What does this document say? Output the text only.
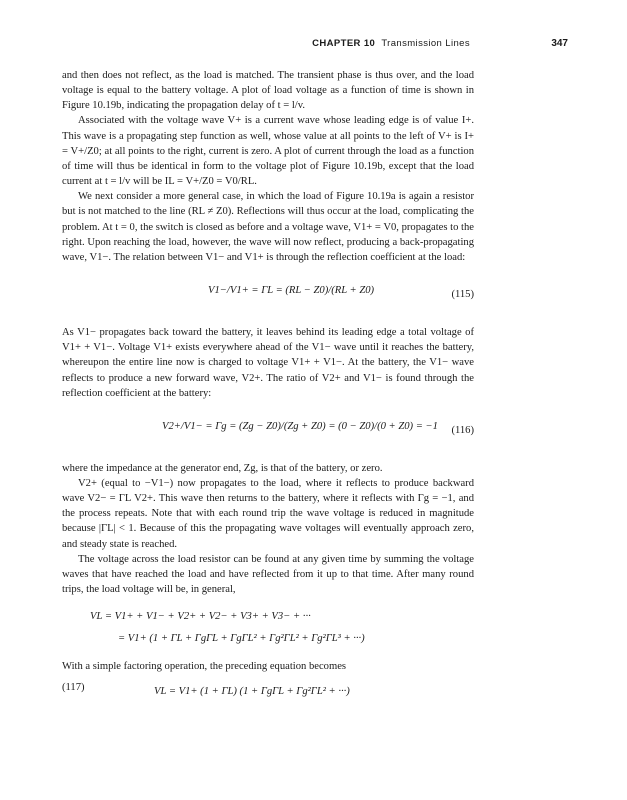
CHAPTER 10 Transmission Lines	347

and then does not reflect, as the load is matched. The transient phase is thus over, and the load voltage is equal to the battery voltage. A plot of load voltage as a function of time is shown in Figure 10.19b, indicating the propagation delay of t = l/v.

Associated with the voltage wave V+ is a current wave whose leading edge is of value I+. This wave is a propagating step function as well, whose value at all points to the left of V+ is I+ = V+/Z0; at all points to the right, current is zero. A plot of current through the load as a function of time will thus be identical in form to the voltage plot of Figure 10.19b, except that the load current at t = l/v will be IL = V+/Z0 = V0/RL.

We next consider a more general case, in which the load of Figure 10.19a is again a resistor but is not matched to the line (RL ≠ Z0). Reflections will thus occur at the load, complicating the problem. At t = 0, the switch is closed as before and a voltage wave, V1+ = V0, propagates to the right. Upon reaching the load, however, the wave will now reflect, producing a back-propagating wave, V1−. The relation between V1− and V1+ is through the reflection coefficient at the load:

V1−/V1+ = ΓL = (RL − Z0)/(RL + Z0)	(115)

As V1− propagates back toward the battery, it leaves behind its leading edge a total voltage of V1+ + V1−. Voltage V1+ exists everywhere ahead of the V1− wave until it reaches the battery, whereupon the entire line now is charged to voltage V1+ + V1−. At the battery, the V1− wave reflects to produce a new forward wave, V2+. The ratio of V2+ and V1− is found through the reflection coefficient at the battery:

V2+/V1− = Γg = (Zg − Z0)/(Zg + Z0) = (0 − Z0)/(0 + Z0) = −1 (116)

where the impedance at the generator end, Zg, is that of the battery, or zero.

V2+ (equal to −V1−) now propagates to the load, where it reflects to produce backward wave V2− = ΓL V2+. This wave then returns to the battery, where it reflects with Γg = −1, and the process repeats. Note that with each round trip the wave voltage is reduced in magnitude because |ΓL| < 1. Because of this the propagating wave voltages will eventually approach zero, and steady state is reached.

The voltage across the load resistor can be found at any given time by summing the voltage waves that have reached the load and have reflected from it up to that time. After many round trips, the load voltage will be, in general,

VL = V1+ + V1− + V2+ + V2− + V3+ + V3− + ···
= V1+ (1 + ΓL + ΓgΓL + ΓgΓL² + Γg²ΓL² + Γg²ΓL³ + ···)

With a simple factoring operation, the preceding equation becomes

VL = V1+ (1 + ΓL) (1 + ΓgΓL + Γg²ΓL² + ···)
(117)
